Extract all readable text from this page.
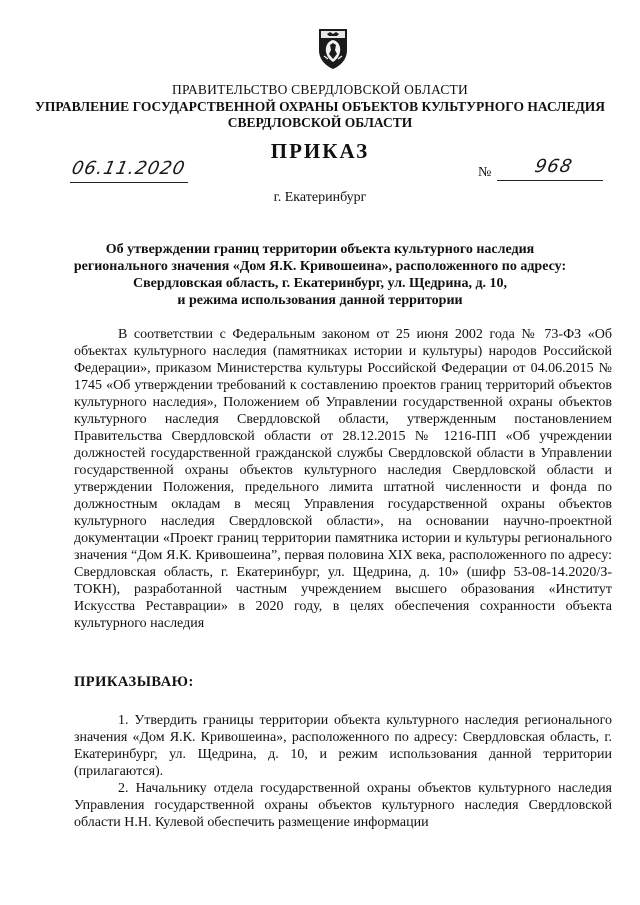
ПРАВИТЕЛЬСТВО СВЕРДЛОВСКОЙ ОБЛАСТИ
УПРАВЛЕНИЕ ГОСУДАРСТВЕННОЙ ОХРАНЫ ОБЪЕКТОВ КУЛЬТУРНОГО НАСЛЕДИЯ
СВЕРДЛОВСКОЙ ОБЛАСТИ
ПРИКАЗ
06.11.2020	№ 968
г. Екатеринбург
Об утверждении границ территории объекта культурного наследия
регионального значения «Дом Я.К. Кривошеина», расположенного по адресу:
Свердловская область, г. Екатеринбург, ул. Щедрина, д. 10,
и режима использования данной территории
В соответствии с Федеральным законом от 25 июня 2002 года № 73-ФЗ «Об объектах культурного наследия (памятниках истории и культуры) народов Российской Федерации», приказом Министерства культуры Российской Федерации от 04.06.2015 № 1745 «Об утверждении требований к составлению проектов границ территорий объектов культурного наследия», Положением об Управлении государственной охраны объектов культурного наследия Свердловской области, утвержденным постановлением Правительства Свердловской области от 28.12.2015 № 1216-ПП «Об учреждении должностей государственной гражданской службы Свердловской области в Управлении государственной охраны объектов культурного наследия Свердловской области и утверждении Положения, предельного лимита штатной численности и фонда по должностным окладам в месяц Управления государственной охраны объектов культурного наследия Свердловской области», на основании научно-проектной документации «Проект границ территории памятника истории и культуры регионального значения “Дом Я.К. Кривошеина”, первая половина XIX века, расположенного по адресу: Свердловская область, г. Екатеринбург, ул. Щедрина, д. 10» (шифр 53-08-14.2020/З-ТОКН), разработанной частным учреждением высшего образования «Институт Искусства Реставрации» в 2020 году, в целях обеспечения сохранности объекта культурного наследия
ПРИКАЗЫВАЮ:
1. Утвердить границы территории объекта культурного наследия регионального значения «Дом Я.К. Кривошеина», расположенного по адресу: Свердловская область, г. Екатеринбург, ул. Щедрина, д. 10, и режим использования данной территории (прилагаются).
2. Начальнику отдела государственной охраны объектов культурного наследия Управления государственной охраны объектов культурного наследия Свердловской области Н.Н. Кулевой обеспечить размещение информации
